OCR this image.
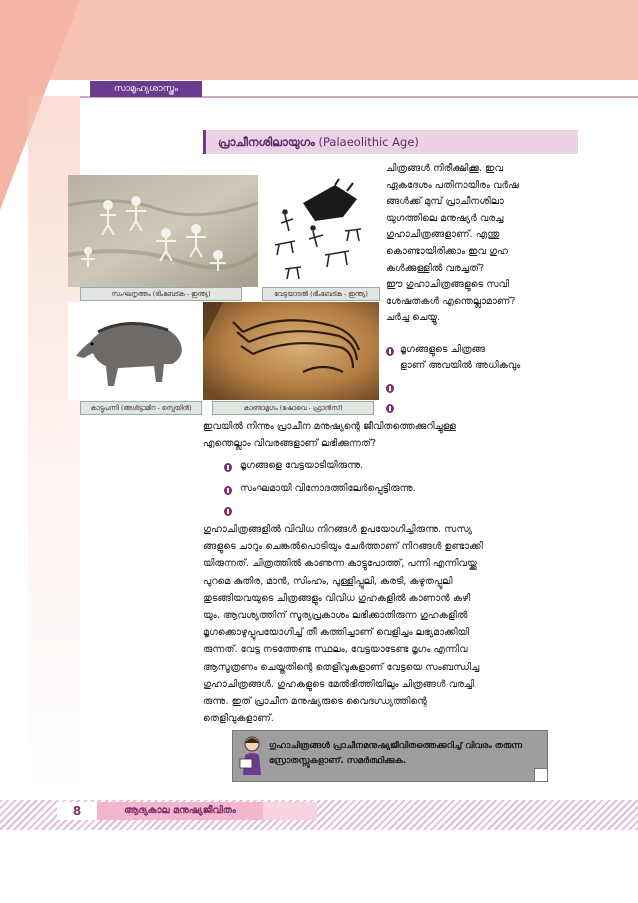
സാമൂഹ്യശാസ്ത്രം
പ്രാചീനശിലായുഗം (Palaeolithic Age)
സംഘനൃത്തം (ഭിംബേട്ക - ഇന്ത്യ)	വേട്ടയാടൽ (ഭിംബേട്ക - ഇന്ത്യ)
കാട്ടുപന്നി (അൾട്ടാമിറ - സ്പെയിൻ)	കാണ്ടാമൃഗം (ഷോവെ - ഫ്രാൻസ്)
ചിത്രങ്ങൾ നിരീക്ഷിക്കൂ. ഇവ
ഏകദേശം പതിനായിരം വർഷ
ങ്ങൾക്ക് മുമ്പ് പ്രാചീനശിലാ
യുഗത്തിലെ മനുഷ്യർ വരച്ച
ഗുഹാചിത്രങ്ങളാണ്. എന്തു
കൊണ്ടായിരിക്കാം ഇവ ഗുഹ
കൾക്കുള്ളിൽ വരച്ചത്?
ഈ ഗുഹാചിത്രങ്ങളുടെ സവി
ശേഷതകൾ എന്തെല്ലാമാണ്?
ചർച്ച ചെയ്യൂ.
മൃഗങ്ങളുടെ ചിത്രങ്ങ
ളാണ് അവയിൽ അധികവും
ഇവയിൽ നിന്നും പ്രാചീന മനുഷ്യന്റെ ജീവിതത്തെക്കുറിച്ചുള്ള
എന്തെല്ലാം വിവരങ്ങളാണ് ലഭിക്കുന്നത്?
മൃഗങ്ങളെ വേട്ടയാടിയിരുന്നു.
സംഘമായി വിനോദത്തിലേർപ്പെട്ടിരുന്നു.
ഗുഹാചിത്രങ്ങളിൽ വിവിധ നിറങ്ങൾ ഉപയോഗിച്ചിരുന്നു. സസ്യ
ങ്ങളുടെ ചാറും ചെങ്കൽപൊടിയും ചേർത്താണ് നിറങ്ങൾ ഉണ്ടാക്കി
യിരുന്നത്. ചിത്രത്തിൽ കാണുന്ന കാട്ടുപോത്ത്, പന്നി എന്നിവയ്ക്കു
പുറമെ കുതിര, മാൻ, സിംഹം, പുള്ളിപ്പുലി, കരടി, കഴുതപ്പുലി
തുടങ്ങിയവയുടെ ചിത്രങ്ങളും വിവിധ ഗുഹകളിൽ കാണാൻ കഴി
യും. ആവശ്യത്തിന് സൂര്യപ്രകാശം ലഭിക്കാതിരുന്ന ഗുഹകളിൽ
മൃഗക്കൊഴുപ്പുപയോഗിച്ച് തീ കത്തിച്ചാണ് വെളിച്ചം ലഭ്യമാക്കിയി
രുന്നത്. വേട്ട നടത്തേണ്ട സ്ഥലം, വേട്ടയാടേണ്ട മൃഗം എന്നിവ
ആസൂത്രണം ചെയ്തതിന്റെ തെളിവുകളാണ് വേട്ടയെ സംബന്ധിച്ച
ഗുഹാചിത്രങ്ങൾ. ഗുഹകളുടെ മേൽഭിത്തിയിലും ചിത്രങ്ങൾ വരച്ചി
രുന്നു. ഇത് പ്രാചീന മനുഷ്യരുടെ വൈദഗ്ധ്യത്തിന്റെ
തെളിവുകളാണ്.
ഗുഹാചിത്രങ്ങൾ പ്രാചീനമനുഷ്യജീവിതത്തെക്കുറിച്ച് വിവരം തരുന്ന
സ്രോതസ്സുകളാണ്. സമർത്ഥിക്കുക.
8	ആദ്യകാല മനുഷ്യജീവിതം
